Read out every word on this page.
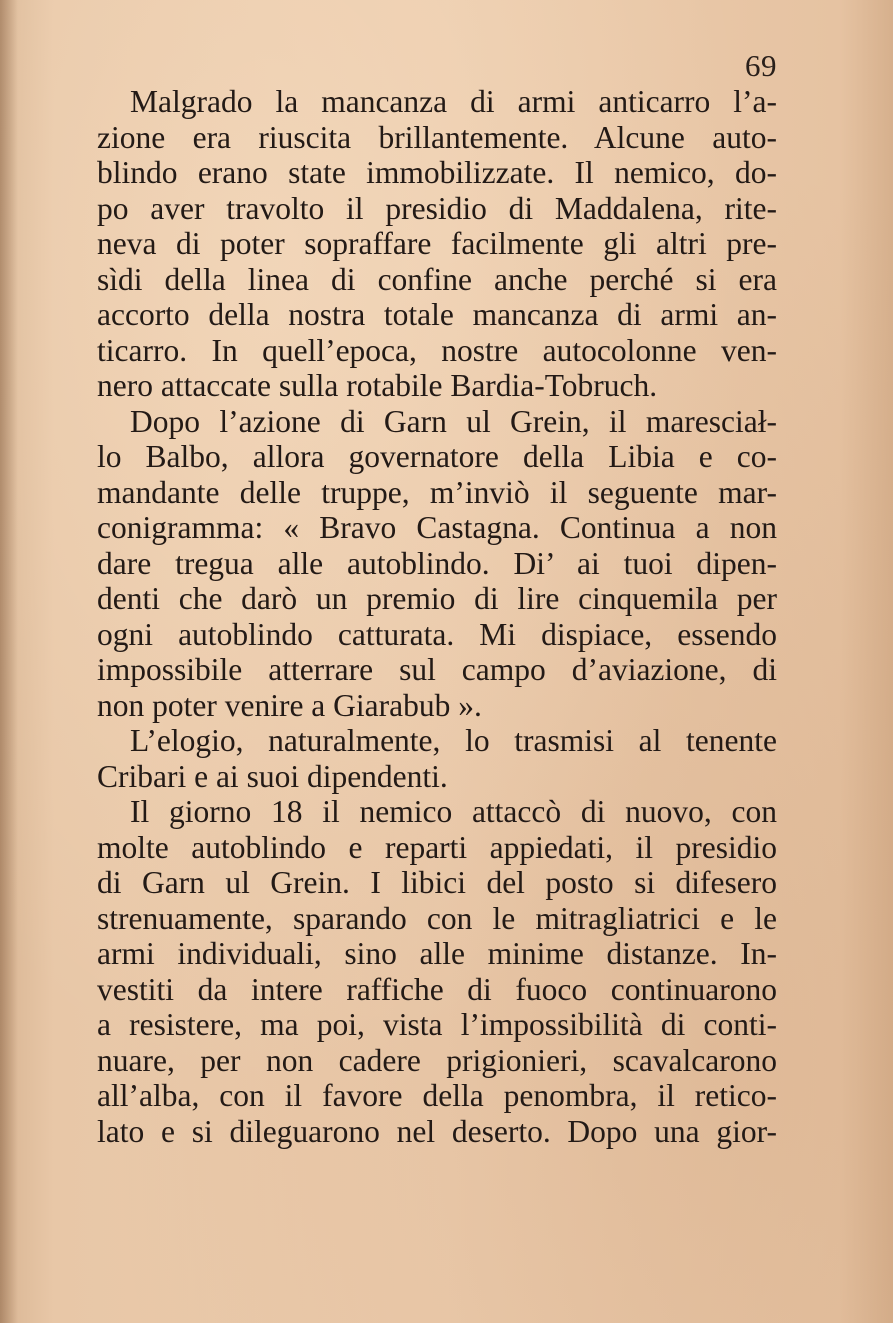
69
Malgrado la mancanza di armi anticarro l’a-
zione era riuscita brillantemente. Alcune auto-
blindo erano state immobilizzate. Il nemico, do-
po aver travolto il presidio di Maddalena, rite-
neva di poter sopraffare facilmente gli altri pre-
sìdi della linea di confine anche perché si era
accorto della nostra totale mancanza di armi an-
ticarro. In quell’epoca, nostre autocolonne ven-
nero attaccate sulla rotabile Bardia-Tobruch.
Dopo l’azione di Garn ul Grein, il maresciał-
lo Balbo, allora governatore della Libia e co-
mandante delle truppe, m’inviò il seguente mar-
conigramma: « Bravo Castagna. Continua a non
dare tregua alle autoblindo. Di’ ai tuoi dipen-
denti che darò un premio di lire cinquemila per
ogni autoblindo catturata. Mi dispiace, essendo
impossibile atterrare sul campo d’aviazione, di
non poter venire a Giarabub ».
L’elogio, naturalmente, lo trasmisi al tenente
Cribari e ai suoi dipendenti.
Il giorno 18 il nemico attaccò di nuovo, con
molte autoblindo e reparti appiedati, il presidio
di Garn ul Grein. I libici del posto si difesero
strenuamente, sparando con le mitragliatrici e le
armi individuali, sino alle minime distanze. In-
vestiti da intere raffiche di fuoco continuarono
a resistere, ma poi, vista l’impossibilità di conti-
nuare, per non cadere prigionieri, scavalcarono
all’alba, con il favore della penombra, il retico-
lato e si dileguarono nel deserto. Dopo una gior-
